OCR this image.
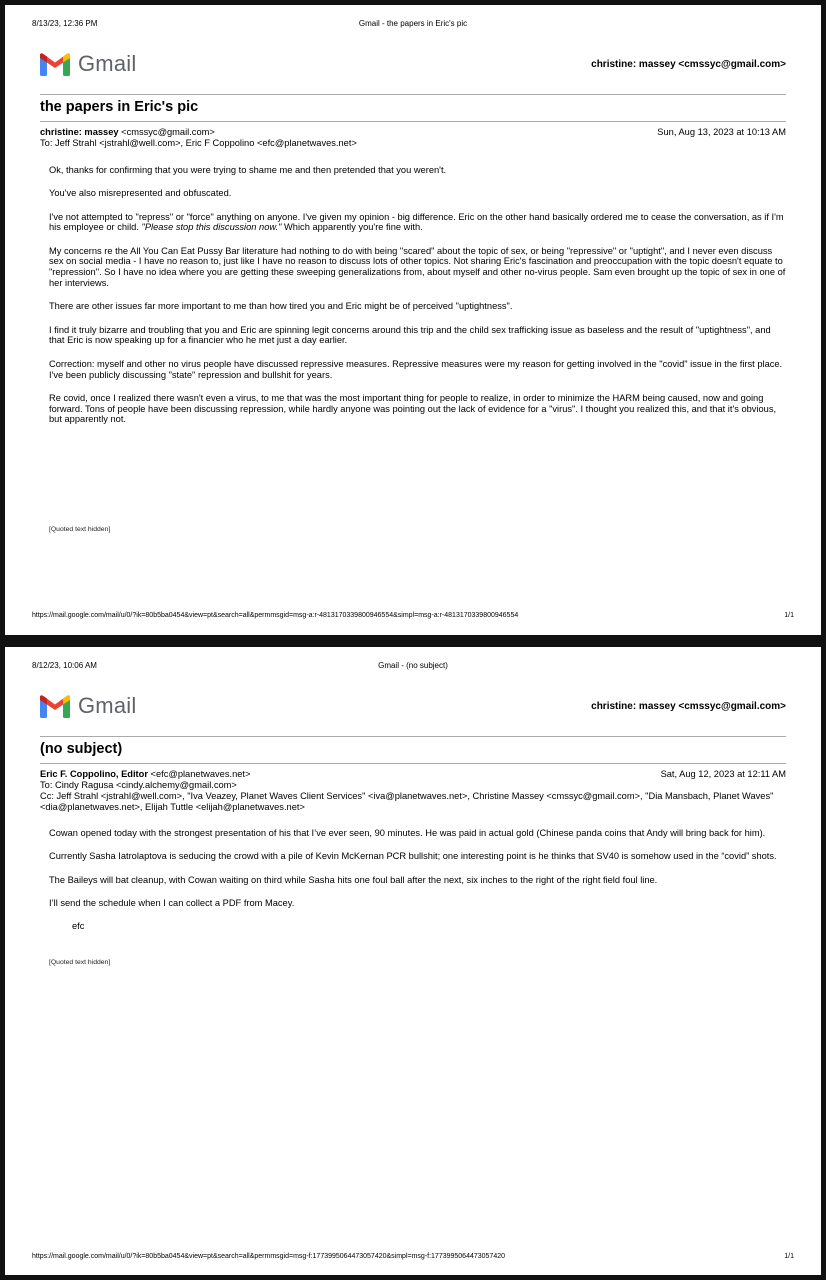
8/13/23, 12:36 PM	Gmail - the papers in Eric's pic
Gmail	christine: massey <cmssyc@gmail.com>
the papers in Eric's pic
christine: massey <cmssyc@gmail.com>
To: Jeff Strahl <jstrahl@well.com>, Eric F Coppolino <efc@planetwaves.net>
Sun, Aug 13, 2023 at 10:13 AM

Ok, thanks for confirming that you were trying to shame me and then pretended that you weren't.

You've also misrepresented and obfuscated.

I've not attempted to "repress" or "force" anything on anyone. I've given my opinion - big difference. Eric on the other hand basically ordered me to cease the conversation, as if I'm his employee or child. "Please stop this discussion now." Which apparently you're fine with.

My concerns re the All You Can Eat Pussy Bar literature had nothing to do with being "scared" about the topic of sex, or being "repressive" or "uptight", and I never even discuss sex on social media - I have no reason to, just like I have no reason to discuss lots of other topics. Not sharing Eric's fascination and preoccupation with the topic doesn't equate to "repression". So I have no idea where you are getting these sweeping generalizations from, about myself and other no-virus people. Sam even brought up the topic of sex in one of her interviews.

There are other issues far more important to me than how tired you and Eric might be of perceived "uptightness".

I find it truly bizarre and troubling that you and Eric are spinning legit concerns around this trip and the child sex trafficking issue as baseless and the result of "uptightness", and that Eric is now speaking up for a financier who he met just a day earlier.

Correction: myself and other no virus people have discussed repressive measures. Repressive measures were my reason for getting involved in the "covid" issue in the first place. I've been publicly discussing "state" repression and bullshit for years.

Re covid, once I realized there wasn't even a virus, to me that was the most important thing for people to realize, in order to minimize the HARM being caused, now and going forward. Tons of people have been discussing repression, while hardly anyone was pointing out the lack of evidence for a "virus". I thought you realized this, and that it's obvious, but apparently not.

[Quoted text hidden]
https://mail.google.com/mail/u/0/?ik=80b5ba0454&view=pt&search=all&permmsgid=msg-a:r-4813170339800946554&simpl=msg-a:r-4813170339800946554	1/1
8/12/23, 10:06 AM	Gmail - (no subject)
Gmail	christine: massey <cmssyc@gmail.com>
(no subject)
Eric F. Coppolino, Editor <efc@planetwaves.net>
To: Cindy Ragusa <cindy.alchemy@gmail.com>
Cc: Jeff Strahl <jstrahl@well.com>, "Iva Veazey, Planet Waves Client Services" <iva@planetwaves.net>, Christine Massey <cmssyc@gmail.com>, "Dia Mansbach, Planet Waves" <dia@planetwaves.net>, Elijah Tuttle <elijah@planetwaves.net>
Sat, Aug 12, 2023 at 12:11 AM

Cowan opened today with the strongest presentation of his that I’ve ever seen, 90 minutes. He was paid in actual gold (Chinese panda coins that Andy will bring back for him).

Currently Sasha Iatrolaptova is seducing the crowd with a pile of Kevin McKernan PCR bullshit; one interesting point is he thinks that SV40 is somehow used in the “covid” shots.

The Baileys will bat cleanup, with Cowan waiting on third while Sasha hits one foul ball after the next, six inches to the right of the right field foul line.

I’ll send the schedule when I can collect a PDF from Macey.

efc
[Quoted text hidden]
https://mail.google.com/mail/u/0/?ik=80b5ba0454&view=pt&search=all&permmsgid=msg-f:1773995064473057420&simpl=msg-f:1773995064473057420	1/1
